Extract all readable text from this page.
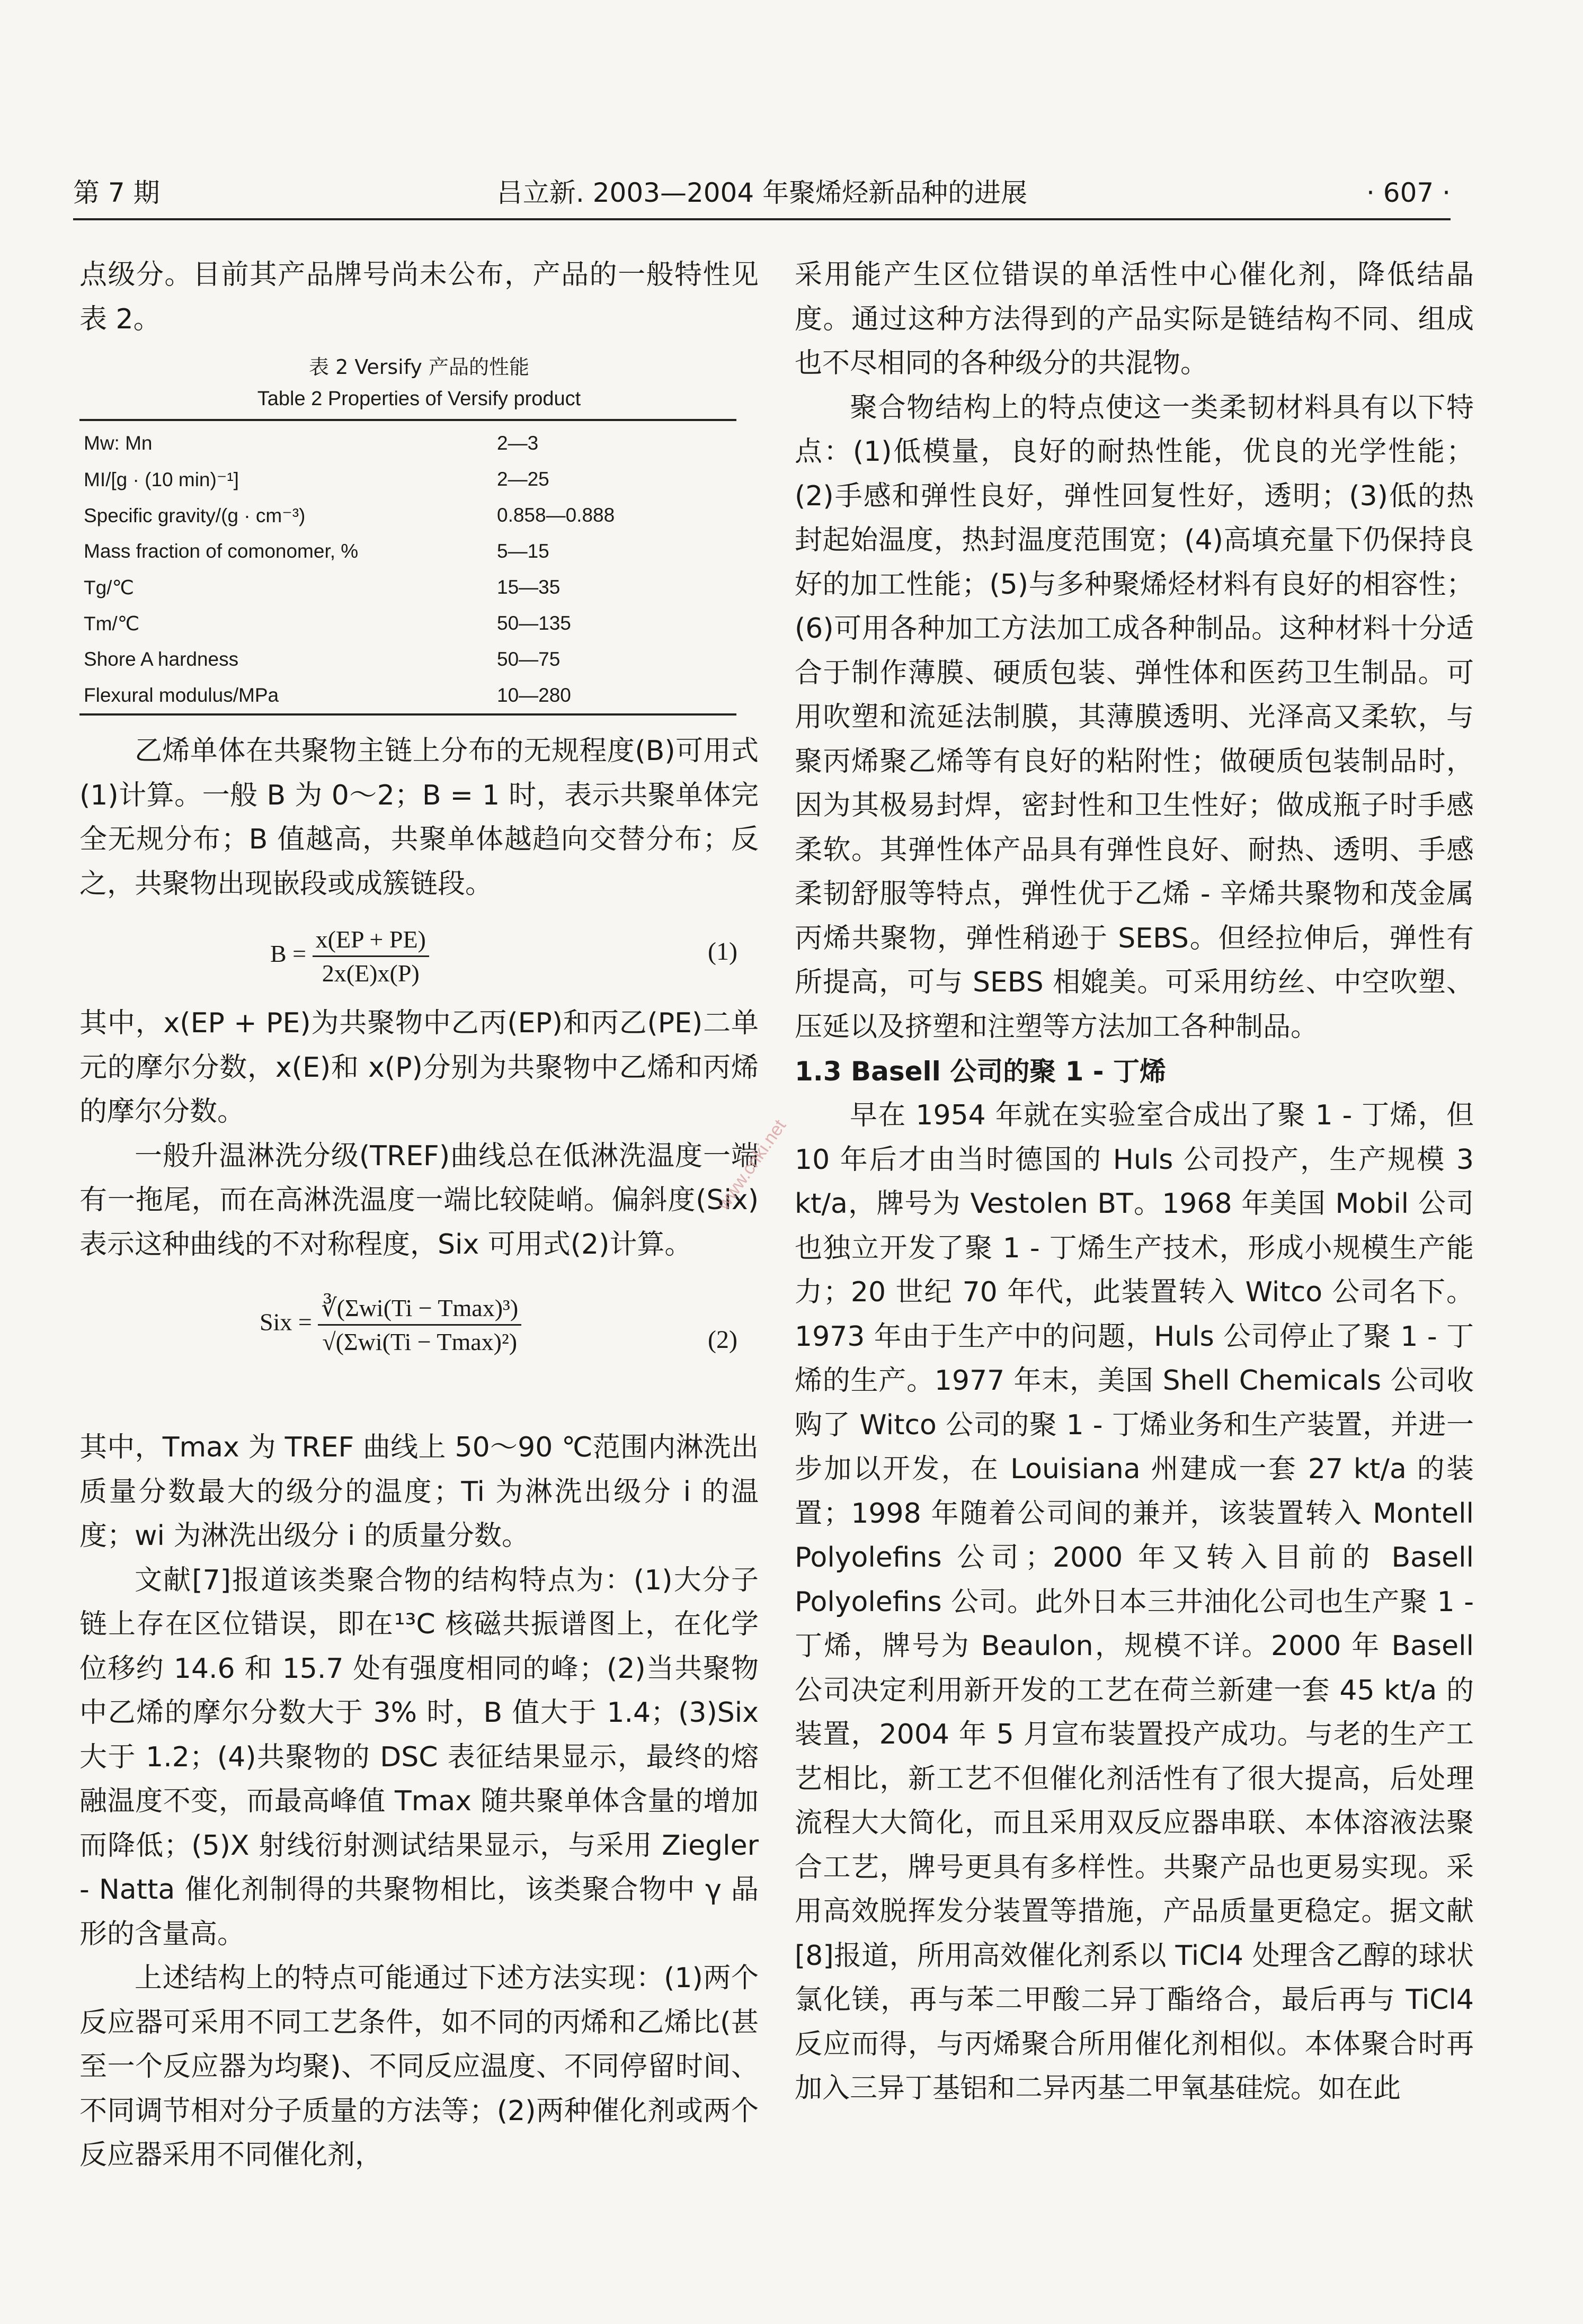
第 7 期	吕立新. 2003—2004 年聚烯烃新品种的进展	· 607 ·

点级分。目前其产品牌号尚未公布，产品的一般特性见表 2。

表 2 Versify 产品的性能
Table 2 Properties of Versify product

Mw: Mn	2—3
MI/[g · (10 min)⁻¹]	2—25
Specific gravity/(g · cm⁻³)	0.858—0.888
Mass fraction of comonomer, %	5—15
Tg/℃	15—35
Tm/℃	50—135
Shore A hardness	50—75
Flexural modulus/MPa	10—280

乙烯单体在共聚物主链上分布的无规程度(B)可用式(1)计算。一般 B 为 0～2；B = 1 时，表示共聚单体完全无规分布；B 值越高，共聚单体越趋向交替分布；反之，共聚物出现嵌段或成簇链段。

$B = \frac{x(EP + PE)}{2x(E)x(P)}$	(1)

其中，x(EP + PE)为共聚物中乙丙(EP)和丙乙(PE)二单元的摩尔分数，x(E)和 x(P)分别为共聚物中乙烯和丙烯的摩尔分数。

一般升温淋洗分级(TREF)曲线总在低淋洗温度一端有一拖尾，而在高淋洗温度一端比较陡峭。偏斜度(Six)表示这种曲线的不对称程度，Six 可用式(2)计算。

Six = $\frac{\text{∛(Σwi(Ti − Tmax)³)}}{\text{√(Σwi(Ti − Tmax)²)}}$	(2)

其中，Tmax 为 TREF 曲线上 50～90 ℃范围内淋洗出质量分数最大的级分的温度；Ti 为淋洗出级分 i 的温度；wi 为淋洗出级分 i 的质量分数。

文献[7]报道该类聚合物的结构特点为：(1)大分子链上存在区位错误，即在¹³C 核磁共振谱图上，在化学位移约 14.6 和 15.7 处有强度相同的峰；(2)当共聚物中乙烯的摩尔分数大于 3% 时，B 值大于 1.4；(3)Six 大于 1.2；(4)共聚物的 DSC 表征结果显示，最终的熔融温度不变，而最高峰值 Tmax 随共聚单体含量的增加而降低；(5)X 射线衍射测试结果显示，与采用 Ziegler - Natta 催化剂制得的共聚物相比，该类聚合物中 γ 晶形的含量高。

上述结构上的特点可能通过下述方法实现：(1)两个反应器可采用不同工艺条件，如不同的丙烯和乙烯比(甚至一个反应器为均聚)、不同反应温度、不同停留时间、不同调节相对分子质量的方法等；(2)两种催化剂或两个反应器采用不同催化剂，

采用能产生区位错误的单活性中心催化剂，降低结晶度。通过这种方法得到的产品实际是链结构不同、组成也不尽相同的各种级分的共混物。

聚合物结构上的特点使这一类柔韧材料具有以下特点：(1)低模量，良好的耐热性能，优良的光学性能；(2)手感和弹性良好，弹性回复性好，透明；(3)低的热封起始温度，热封温度范围宽；(4)高填充量下仍保持良好的加工性能；(5)与多种聚烯烃材料有良好的相容性；(6)可用各种加工方法加工成各种制品。这种材料十分适合于制作薄膜、硬质包装、弹性体和医药卫生制品。可用吹塑和流延法制膜，其薄膜透明、光泽高又柔软，与聚丙烯聚乙烯等有良好的粘附性；做硬质包装制品时，因为其极易封焊，密封性和卫生性好；做成瓶子时手感柔软。其弹性体产品具有弹性良好、耐热、透明、手感柔韧舒服等特点，弹性优于乙烯 - 辛烯共聚物和茂金属丙烯共聚物，弹性稍逊于 SEBS。但经拉伸后，弹性有所提高，可与 SEBS 相媲美。可采用纺丝、中空吹塑、压延以及挤塑和注塑等方法加工各种制品。

1.3 Basell 公司的聚 1 - 丁烯

早在 1954 年就在实验室合成出了聚 1 - 丁烯，但 10 年后才由当时德国的 Huls 公司投产，生产规模 3 kt/a，牌号为 Vestolen BT。1968 年美国 Mobil 公司也独立开发了聚 1 - 丁烯生产技术，形成小规模生产能力；20 世纪 70 年代，此装置转入 Witco 公司名下。1973 年由于生产中的问题，Huls 公司停止了聚 1 - 丁烯的生产。1977 年末，美国 Shell Chemicals 公司收购了 Witco 公司的聚 1 - 丁烯业务和生产装置，并进一步加以开发，在 Louisiana 州建成一套 27 kt/a 的装置；1998 年随着公司间的兼并，该装置转入 Montell Polyolefins 公司；2000 年又转入目前的 Basell Polyolefins 公司。此外日本三井油化公司也生产聚 1 - 丁烯，牌号为 Beaulon，规模不详。2000 年 Basell 公司决定利用新开发的工艺在荷兰新建一套 45 kt/a 的装置，2004 年 5 月宣布装置投产成功。与老的生产工艺相比，新工艺不但催化剂活性有了很大提高，后处理流程大大简化，而且采用双反应器串联、本体溶液法聚合工艺，牌号更具有多样性。共聚产品也更易实现。采用高效脱挥发分装置等措施，产品质量更稳定。据文献[8]报道，所用高效催化剂系以 TiCl4 处理含乙醇的球状氯化镁，再与苯二甲酸二异丁酯络合，最后再与 TiCl4 反应而得，与丙烯聚合所用催化剂相似。本体聚合时再加入三异丁基铝和二异丙基二甲氧基硅烷。如在此

www.cnki.net
